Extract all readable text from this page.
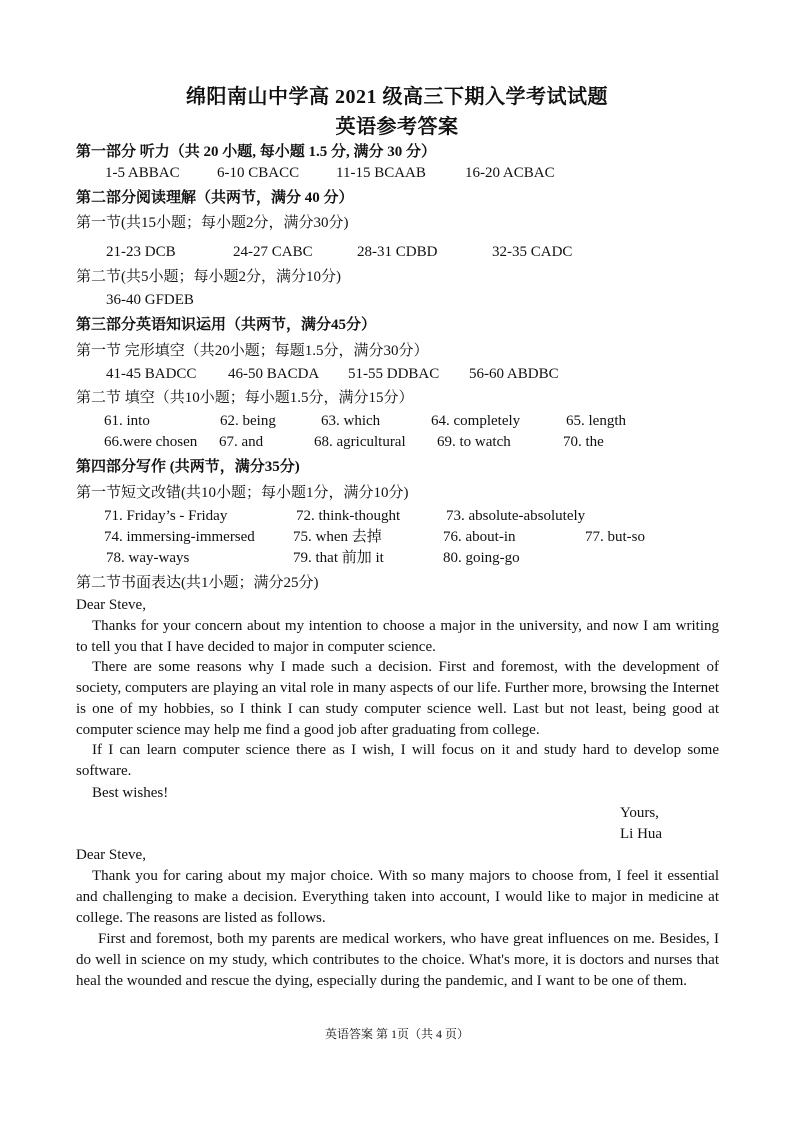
绵阳南山中学高 2021 级高三下期入学考试试题
英语参考答案
第一部分 听力（共 20 小题, 每小题 1.5 分, 满分 30 分）
1-5 ABBAC 6-10 CBACC 11-15 BCAAB	16-20 ACBAC
第二部分阅读理解（共两节，满分 40 分）
第一节(共15小题；每小题2分，满分30分)
21-23 DCB	24-27 CABC	28-31 CDBD	32-35 CADC
第二节(共5小题；每小题2分，满分10分)
36-40 GFDEB
第三部分英语知识运用（共两节，满分45分）
第一节 完形填空（共20小题；每题1.5分，满分30分）
41-45 BADCC 46-50 BACDA 51-55 DDBAC 56-60 ABDBC
第二节 填空（共10小题；每小题1.5分，满分15分）
61. into	62. being	63. which	64. completely	65. length
66.were chosen 67. and	68. agricultural 69. to watch	70. the
第四部分写作 (共两节，满分35分)
第一节短文改错(共10小题；每小题1分，满分10分)
71. Friday’s - Friday	72. think-thought	73. absolute-absolutely
74. immersing-immersed	75. when 去掉	76. about-in	77. but-so
78. way-ways	79. that 前加 it	80. going-go
第二节书面表达(共1小题；满分25分)
Dear Steve,
Thanks for your concern about my intention to choose a major in the university, and now I am writing to tell you that I have decided to major in computer science.
There are some reasons why I made such a decision. First and foremost, with the development of society, computers are playing an vital role in many aspects of our life. Further more, browsing the Internet is one of my hobbies, so I think I can study computer science well. Last but not least, being good at computer science may help me find a good job after graduating from college.
If I can learn computer science there as I wish, I will focus on it and study hard to develop some software.
Best wishes!
Yours,
Li Hua
Dear Steve,
Thank you for caring about my major choice. With so many majors to choose from, I feel it essential and challenging to make a decision. Everything taken into account, I would like to major in medicine at college. The reasons are listed as follows.
First and foremost, both my parents are medical workers, who have great influences on me. Besides, I do well in science on my study, which contributes to the choice. What's more, it is doctors and nurses that heal the wounded and rescue the dying, especially during the pandemic, and I want to be one of them.
英语答案 第 1页（共 4 页）
